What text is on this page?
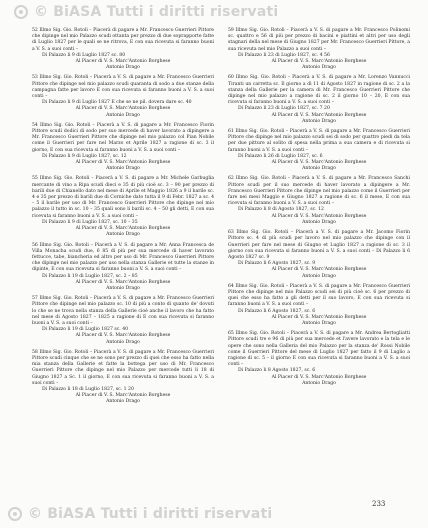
© BiASA Tutti i diritti riservati

52 Illmo Sig. Gio. Rotoli – Piacerà di pagare a Mr. Francesco Guerrieri Pittore che dipinge nel mio Palazzo scudi ottanta per prezzo di due soprapporte fatte di Luglio 1827 per le quali se ne ritrova, E con sua ricevuta si faranno buoni a V. S. a suoi conti –

Di Palazzo li 9 di Luglio 1827 sc. 80

Al Piacer di V. S. Marc'Antonio Borghese

Antonio Drago

53 Illmo Sig. Gio. Rotoli – Piacerà a V. S. di pagare a Mr. Francesco Guerrieri Pittore che dipinge nel mio palazzo scudi quaranta di sodo a due stanze della campagna fatte per lavoro E con sua ricevuta si faranno buoni a V. S. a suoi conti –

Di Palazzo li 9 di Luglio 1827 E che se ne pil. dovera dare sc. 40

Al Piacer di V. S. Marc'Antonio Borghese

Antonio Drago

54 Illmo Sig. Gio. Rotoli – Piacerà a V. S. di pagare a Mr. Francesco Fiorin Pittore scudi dodici di sodo per suo mercede di haver lavorato a dipingere a Mr. Francesco Guerrieri Pittore che dipinge nel mio palazzo col Pian Nobile come il Guerrieri per fare nel Marzo et Aprile 1827 a ragione di sc. 3 il giorno, E con sua ricevuta si faranno buoni a V. S. a suoi conti –

Di Palazzo li 9 di Luglio 1827, sc. 12

Al Piacer di V. S. Marc'Antonio Borghese

Antonio Drago

55 Illmo Sig. Gio. Rotoli – Piacerà a V. S. di pagare a Mr. Michele Garbuglia mercante di vino a Ripa scudi dieci e 35 di più cioè sc. 3 – 90 per prezzo di barili due di Chianello dato nel mese di Aprile et Maggio 1826 a 9 il barile sc. 4 e 35 per prezzo di barili due di Corniche dato tutta il 9 di Febr. 1827 a sc. 4 – 5 il barile per uso di Mr. Francesco Guerrieri Pittore che dipinge nel mio palazzo il tutto in sc. 10 – 35 quali sono li barili sc. 4 – 50 gli detti, E con sua ricevuta si faranno buoni a V. S. a suoi conti –

Di Palazzo li 9 di Luglio 1827, sc. 10 – 35

Al Piacer di V. S. Marc'Antonio Borghese

Antonio Drago

56 Illmo Sig. Gio. Rotoli – Piacerà a V. S. di pagare a Mr. Anna Francesca de Villa Monacha scudi due, 6 85 di più per sua mercede di haver lavorato fettucce, tabe, biancheria ed altro per uso di Mr. Francesco Guerrieri Pittore che dipinge nel mio palazzo per uso nella stanza Gallerie et tutte la stanze in dipinte, E con sua ricevuta si faranno buoni a V. S. a suoi conti –

Di Palazzo li 19 di Luglio 1827, sc. 2 – 85

Al Piacer di V. S. Marc'Antonio Borghese

Antonio Drago

57 Illmo Sig. Gio. Rotoli – Piacerà a V. S. di pagare a Mr. Francesco Guerrieri Pittore che dipinge nel mio palazzo sc. 10 di più a conto di quanto de' dovuti lo che se ne trova nella stanza della Gallerie cioè anche il lavoro che ha fatto nel mese di Agosto 1827 – 1825 a ragione di E con sua ricevuta si faranno buoni a V. S. a suoi conti –

Di Palazzo li 19 di Luglio 1827 sc. 40

Al Piacer di V. S. Marc'Antonio Borghese

Antonio Drago

58 Illmo Sig. Gio. Rotoli – Piacerà a V. S. di pagare a Mr. Francesco Guerrieri Pittore scudi cinque che se ne sono per prezzo di quei che esso ha fatto nella mia stanza della Gallerie et fatte la bottega per uso di Mr. Francesco Guerrieri Pittore che dipinge nel mio Palazzo per mercede tutti li 18 di Giugno 1827 a Sc. 1 il giorno, E con sua ricevuta si faranno buoni a V. S. a suoi conti –

Di Palazzo li 18 di Luglio 1827, sc. 1 20

Al Piacer di V. S. Marc'Antonio Borghese

Antonio Drago

59 Illmo Sig. Gio. Rotoli – Piacerà a V. S. di pagare a Mr. Francesco Polinomi sc. quattro e 56 di più per prezzo di bacini e piattini et altri per uso degli stagnari della nel mese di Giugno 1827 per Mr. Francesco Guerrieri Pittore, a sua ricevuta nel mio Palazzo a suoi conti –

Di Palazzo li 23 di Luglio 1827, sc. 4 56

Al Piacer di V. S. Marc'Antonio Borghese

Antonio Drago

60 Illmo Sig. Gio. Rotoli – Piacerà a V. S. di pagare a Mr. Lorenzo Vannucci Tiranti un carretta sc. Il giorno a dì 11 di Agosto 1827 in ragione di sc. 2 a la stanza della Gallerie per la camera di Mr. Francesco Guerrieri Pittore che dipinge nel mio palazzo a ragione di sc. 2 il giorno 10 – 20, E con sua ricevuta si faranno buoni a V. S. a suoi conti –

Di Palazzo li 23 di Luglio 1827, sc. 7 20

Al Piacer di V. S. Marc'Antonio Borghese

Antonio Drago

61 Illmo Sig. Gio. Rotoli – Piacerà a V. S. di pagare a Mr. Francesco Guerrieri Pittore che dipinge nel mio palazzo scudi sei di sodo per quattro piedi da tela per due pitture al solito di spesa nella prima a sua camera e di ricevuta si faranno buoni a V. S. a suoi conti –

Di Palazzo li 26 di Luglio 1827, sc. 6

Al Piacer di V. S. Marc'Antonio Borghese

Antonio Drago

62 Illmo Sig. Gio. Rotoli – Piacerà a V. S. di pagare a Mr. Francesco Sanchi Pittore scudi per il suo mercede di haver lavorato a dipingere a Mr. Francesco Guerrieri Pittore che dipinge nel mio palazzo come il Guerrieri per fare nei mesi Maggio e Giugno 1827 a ragione di sc. 6 il mese, E con sua ricevuta si faranno buoni a V. S. a suoi conti –

Di Palazzo li 8 di Agosto 1827, sc. 12

Al Piacer di V. S. Marc'Antonio Borghese

Antonio Drago

63 Illmo Sig. Gio. Rotoli – Piacerà a V. S. di pagare a Mr. Jacomo Fiorin Pittore sc. 4 di più scudi per lavoro nel mio palazzo che dipinge con il Guerrieri per fare nel mese di Giugno et Luglio 1827 a ragione di sc. 3 il giorno con sua ricevuta si faranno buoni a V. S. a suoi conti – Di Palazzo li 6 Agosto 1827 sc. 9

Di Palazzo li 6 Agosto 1827, sc. 9

Al Piacer di V. S. Marc'Antonio Borghese

Antonio Drago

64 Illmo Sig. Gio. Rotoli – Piacerà a V. S. di pagare a Mr. Francesco Guerrieri Pittore che dipinge nel mio Palazzo scudi sei di più cioè sc. 6 per prezzo di quei che esso ha fatto a gli detti per il suo lavoro, E con sua ricevuta si faranno buoni a V. S. a suoi conti –

Di Palazzo li 6 Agosto 1827, sc. 6

Al Piacer di V. S. Marc'Antonio Borghese

Antonio Drago

65 Illmo Sig. Gio. Rotoli – Piacerà a V. S. di pagare a Mr. Andrea Bertogliatti Pittore scudi tre e 96 di più per sua mercede et l'avere lavorato e la tela e le opere che sono nella Galleria del mio Palazzo per la stanza de' Rossi Nobile come il Guerrieri Pittore del mese di Luglio 1827 per fatto il 9 di Luglio a ragione di sc. 5 – il giorno E con sua ricevuta si faranno buoni a V. S. a suoi conti –

Di Palazzo li 8 Agosto 1827, sc. 6

Al Piacer di V. S. Marc'Antonio Borghese

Antonio Drago

233
© BiASA Tutti i diritti riservati
